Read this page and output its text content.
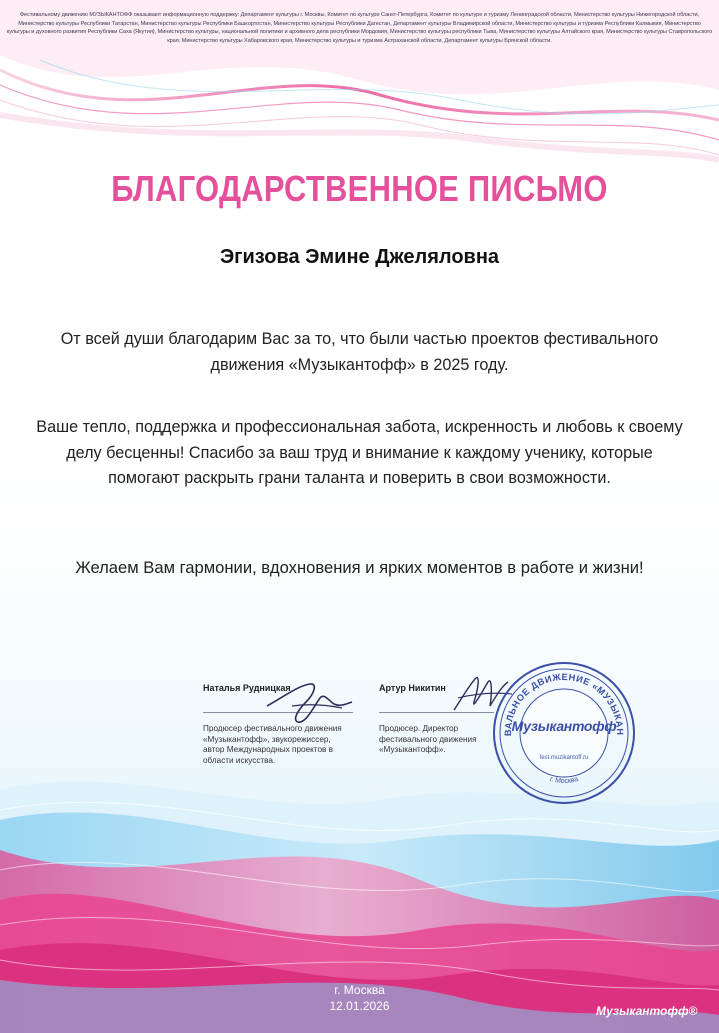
Фестивальному движению МУЗЫКАНТОФФ оказывают информационную поддержку: Департамент культуры г. Москвы, Комитет по культуре Санкт-Петербурга, Комитет по культуре и туризму Ленинградской области, Министерство культуры Нижегородской области, Министерство культуры Республики Татарстан, Министерство культуры Республики Башкортостан, Министерство культуры Республики Дагестан, Департамент культуры Владимирской области, Министерство культуры и туризма Республики Калмыкия, Министерство культуры и духовного развития Республики Саха (Якутия), Министерство культуры, национальной политики и архивного дела республики Мордовия, Министерство культуры республики Тыва, Министерство культуры Алтайского края, Министерство культуры Ставропольского края, Министерство культуры Хабаровского края, Министерство культуры и туризма Астраханской области, Департамент культуры Брянской области.
БЛАГОДАРСТВЕННОЕ ПИСЬМО
Эгизова Эмине Джеляловна
От всей души благодарим Вас за то, что были частью проектов фестивального движения «Музыкантофф» в 2025 году.
Ваше тепло, поддержка и профессиональная забота, искренность и любовь к своему делу бесценны! Спасибо за ваш труд и внимание к каждому ученику, которые помогают раскрыть грани таланта и поверить в свои возможности.
Желаем Вам гармонии, вдохновения и ярких моментов в работе и жизни!
Наталья Рудницкая
Продюсер фестивального движения «Музыкантофф», звукорежиссер, автор Международных проектов в области искусства.
Артур Никитин
Продюсер. Директор фестивального движения «Музыкантофф».
ВАЛЬНОЕ ДВИЖЕНИЕ «МУЗЫКАН
г. Москва
Музыкантофф
fest.muzikantoff.ru
г. Москва
12.01.2026	Музыкантофф®
